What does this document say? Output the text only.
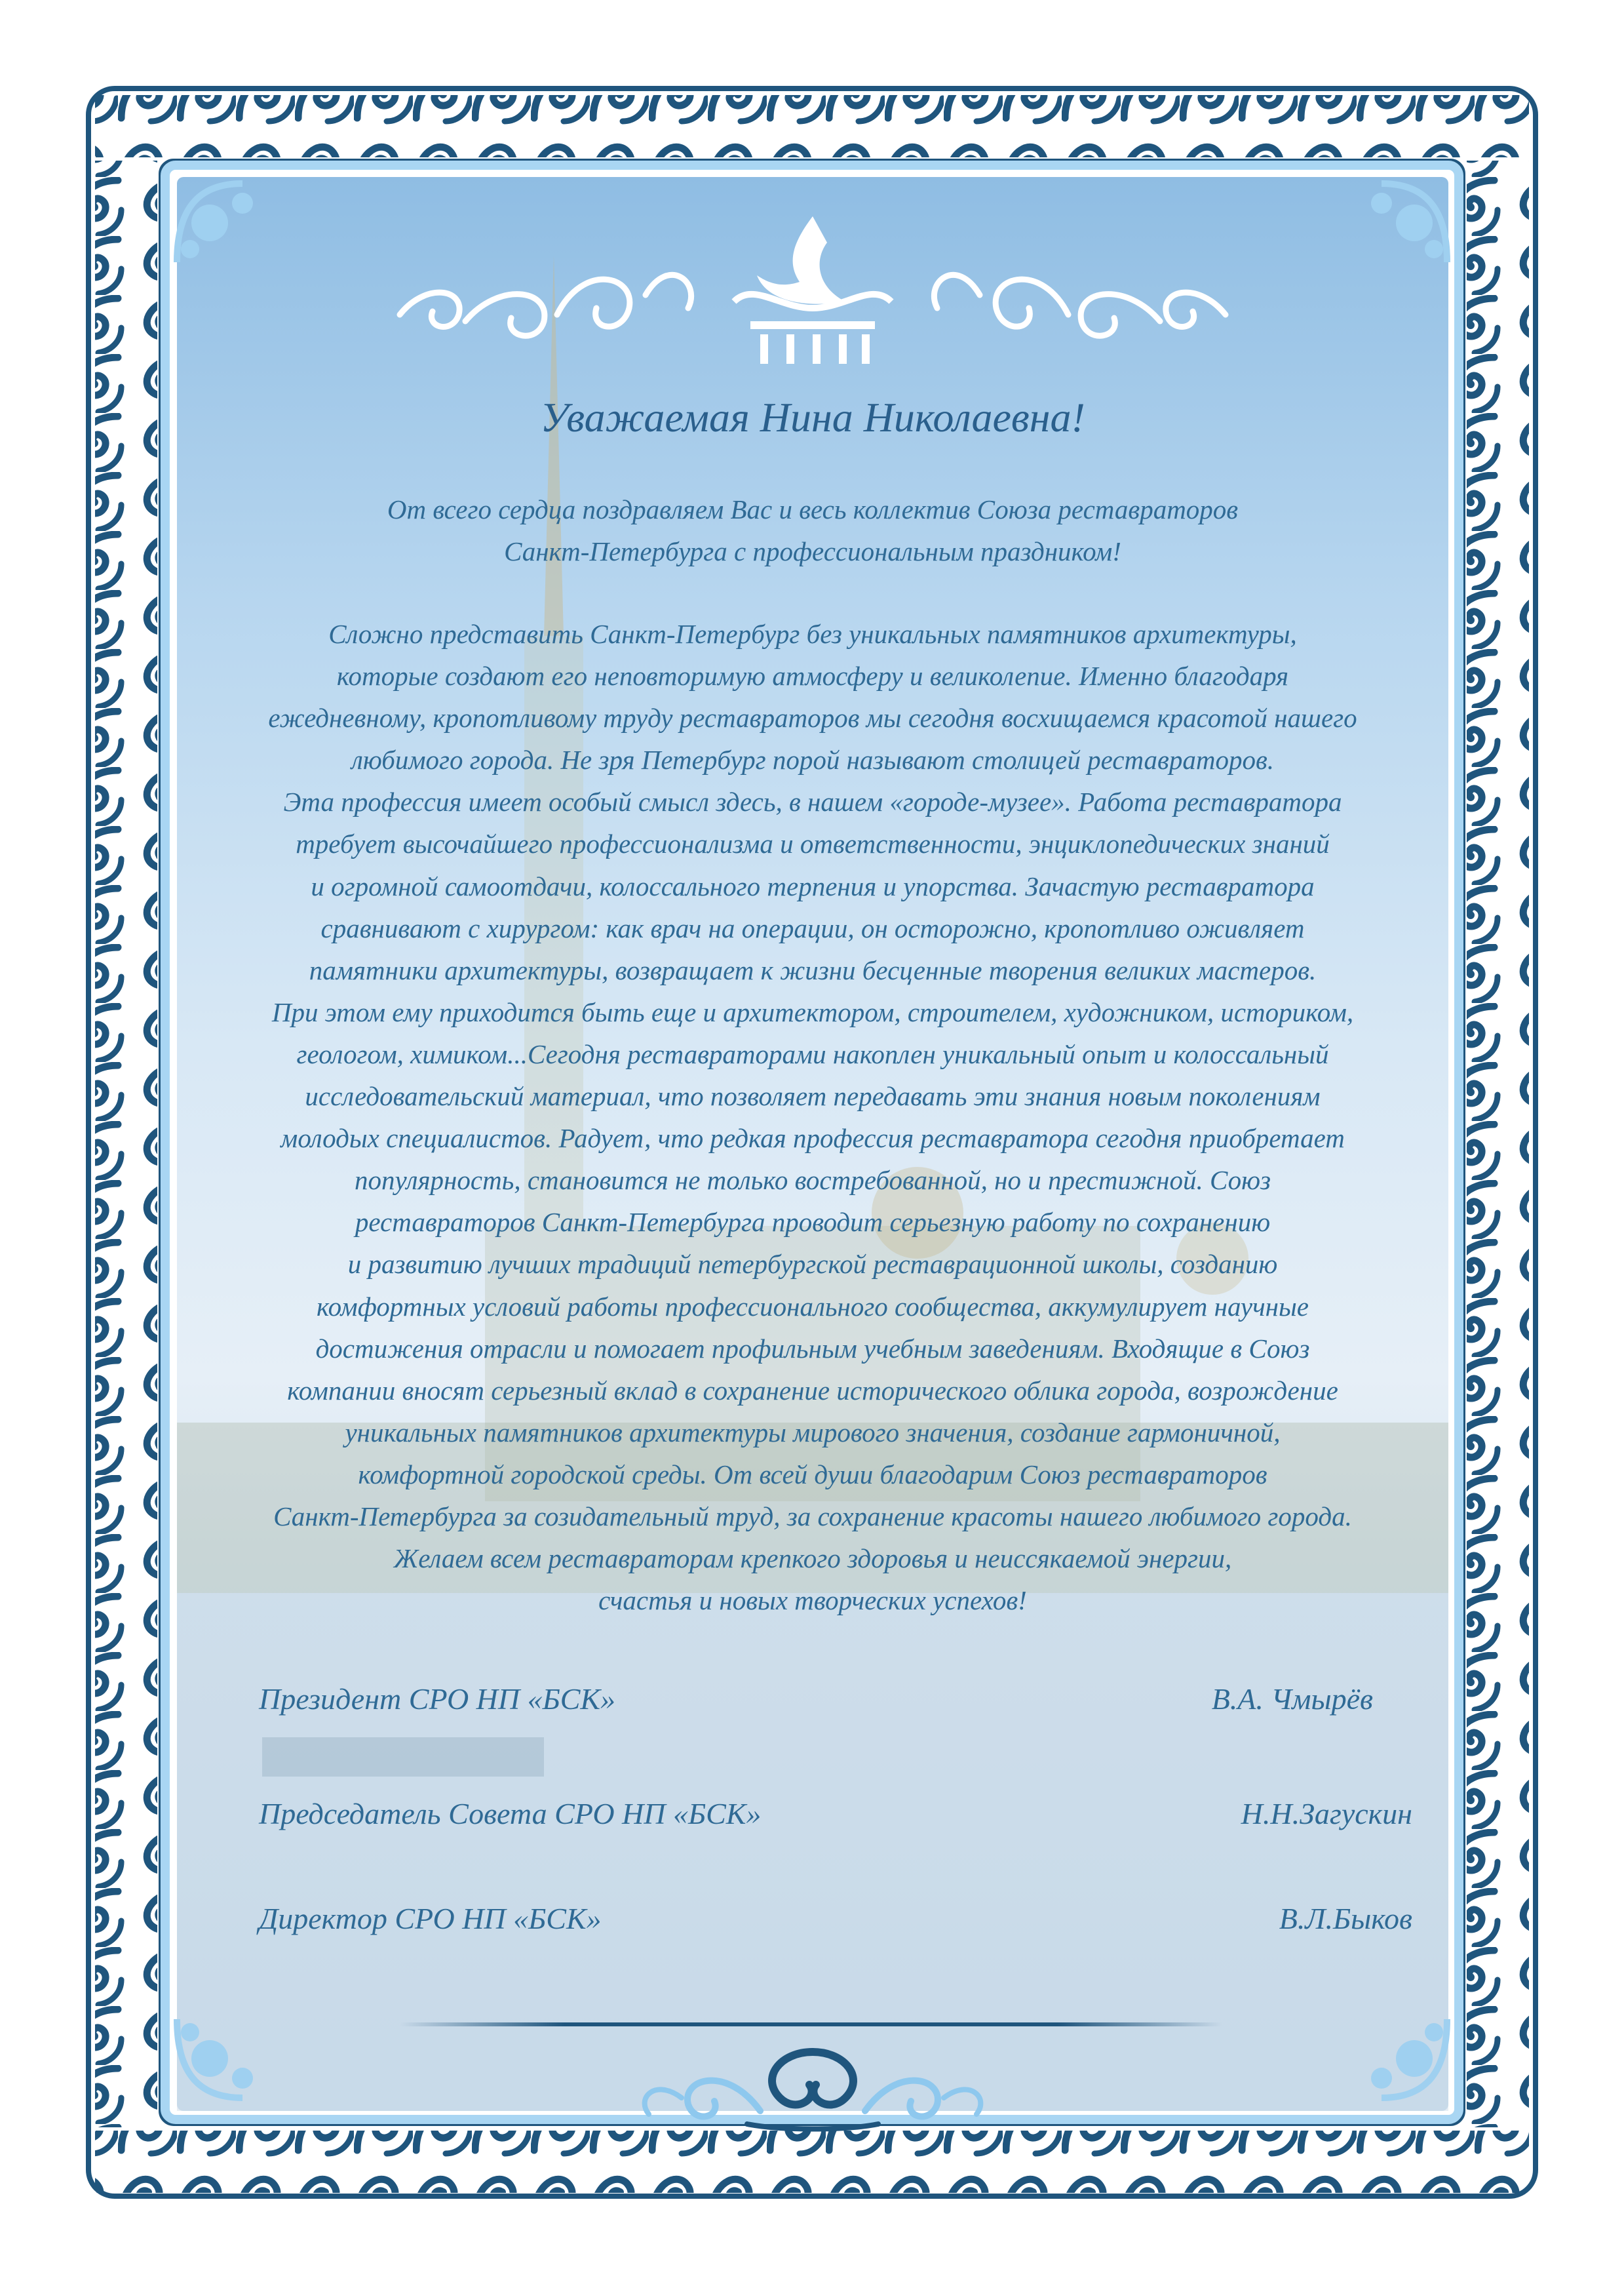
Уважаемая Нина Николаевна!
От всего сердца поздравляем Вас и весь коллектив Союза реставраторов
Санкт-Петербурга с профессиональным праздником!
Сложно представить Санкт-Петербург без уникальных памятников архитектуры,
которые создают его неповторимую атмосферу и великолепие. Именно благодаря
ежедневному, кропотливому труду реставраторов мы сегодня восхищаемся красотой нашего
любимого города. Не зря Петербург порой называют столицей реставраторов.
Эта профессия имеет особый смысл здесь, в нашем «городе-музее». Работа реставратора
требует высочайшего профессионализма и ответственности, энциклопедических знаний
и огромной самоотдачи, колоссального терпения и упорства. Зачастую реставратора
сравнивают с хирургом: как врач на операции, он осторожно, кропотливо оживляет
памятники архитектуры, возвращает к жизни бесценные творения великих мастеров.
При этом ему приходится быть еще и архитектором, строителем, художником, историком,
геологом, химиком...Сегодня реставраторами накоплен уникальный опыт и колоссальный
исследовательский материал, что позволяет передавать эти знания новым поколениям
молодых специалистов. Радует, что редкая профессия реставратора сегодня приобретает
популярность, становится не только востребованной, но и престижной. Союз
реставраторов Санкт-Петербурга проводит серьезную работу по сохранению
и развитию лучших традиций петербургской реставрационной школы, созданию
комфортных условий работы профессионального сообщества, аккумулирует научные
достижения отрасли и помогает профильным учебным заведениям. Входящие в Союз
компании вносят серьезный вклад в сохранение исторического облика города, возрождение
уникальных памятников архитектуры мирового значения, создание гармоничной,
комфортной городской среды. От всей души благодарим Союз реставраторов
Санкт-Петербурга за созидательный труд, за сохранение красоты нашего любимого города.
Желаем всем реставраторам крепкого здоровья и неиссякаемой энергии,
счастья и новых творческих успехов!
Президент СРО НП «БСК»	В.А. Чмырёв
Председатель Совета СРО НП «БСК»	Н.Н.Загускин
Директор СРО НП «БСК»	В.Л.Быков
